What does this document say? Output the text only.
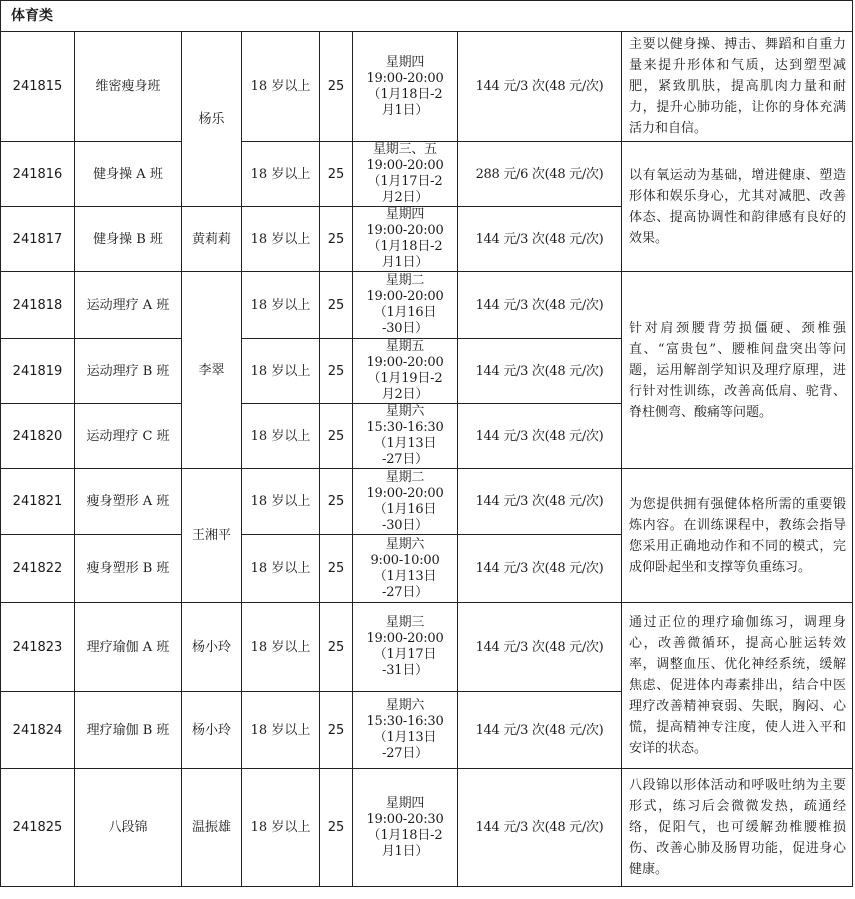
体育类							
241815	维密瘦身班	杨乐	18 岁以上	25	星期四
19:00-20:00
（1月18日-2
月1日）	144 元/3 次(48 元/次)	主要以健身操、搏击、舞蹈和自重力量来提升形体和气质，达到塑型减肥，紧致肌肤，提高肌肉力量和耐力，提升心肺功能，让你的身体充满活力和自信。
241816	健身操 A 班		18 岁以上	25	星期三、五
19:00-20:00
（1月17日-2
月2日）	288 元/6 次(48 元/次)	以有氧运动为基础，增进健康、塑造形体和娱乐身心，尤其对减肥、改善体态、提高协调性和韵律感有良好的效果。
241817	健身操 B 班	黄莉莉	18 岁以上	25	星期四
19:00-20:00
（1月18日-2
月1日）	144 元/3 次(48 元/次)	
241818	运动理疗 A 班	李翠	18 岁以上	25	星期二
19:00-20:00
（1月16日
-30日）	144 元/3 次(48 元/次)	针对肩颈腰背劳损僵硬、颈椎强直、“富贵包”、腰椎间盘突出等问题，运用解剖学知识及理疗原理，进行针对性训练，改善高低肩、驼背、脊柱侧弯、酸痛等问题。
241819	运动理疗 B 班		18 岁以上	25	星期五
19:00-20:00
（1月19日-2
月2日）	144 元/3 次(48 元/次)	
241820	运动理疗 C 班		18 岁以上	25	星期六
15:30-16:30
（1月13日
-27日）	144 元/3 次(48 元/次)	
241821	瘦身塑形 A 班	王湘平	18 岁以上	25	星期二
19:00-20:00
（1月16日
-30日）	144 元/3 次(48 元/次)	为您提供拥有强健体格所需的重要锻炼内容。在训练课程中，教练会指导您采用正确地动作和不同的模式，完成仰卧起坐和支撑等负重练习。
241822	瘦身塑形 B 班		18 岁以上	25	星期六
9:00-10:00
（1月13日
-27日）	144 元/3 次(48 元/次)	
241823	理疗瑜伽 A 班	杨小玲	18 岁以上	25	星期三
19:00-20:00
（1月17日
-31日）	144 元/3 次(48 元/次)	通过正位的理疗瑜伽练习，调理身心，改善微循环，提高心脏运转效率，调整血压、优化神经系统，缓解焦虑、促进体内毒素排出，结合中医理疗改善精神衰弱、失眠，胸闷、心慌，提高精神专注度，使人进入平和安详的状态。
241824	理疗瑜伽 B 班	杨小玲	18 岁以上	25	星期六
15:30-16:30
（1月13日
-27日）	144 元/3 次(48 元/次)	
241825	八段锦	温振雄	18 岁以上	25	星期四
19:00-20:30
（1月18日-2
月1日）	144 元/3 次(48 元/次)	八段锦以形体活动和呼吸吐纳为主要形式，练习后会微微发热，疏通经络，促阳气，也可缓解劲椎腰椎损伤、改善心肺及肠胃功能，促进身心健康。
